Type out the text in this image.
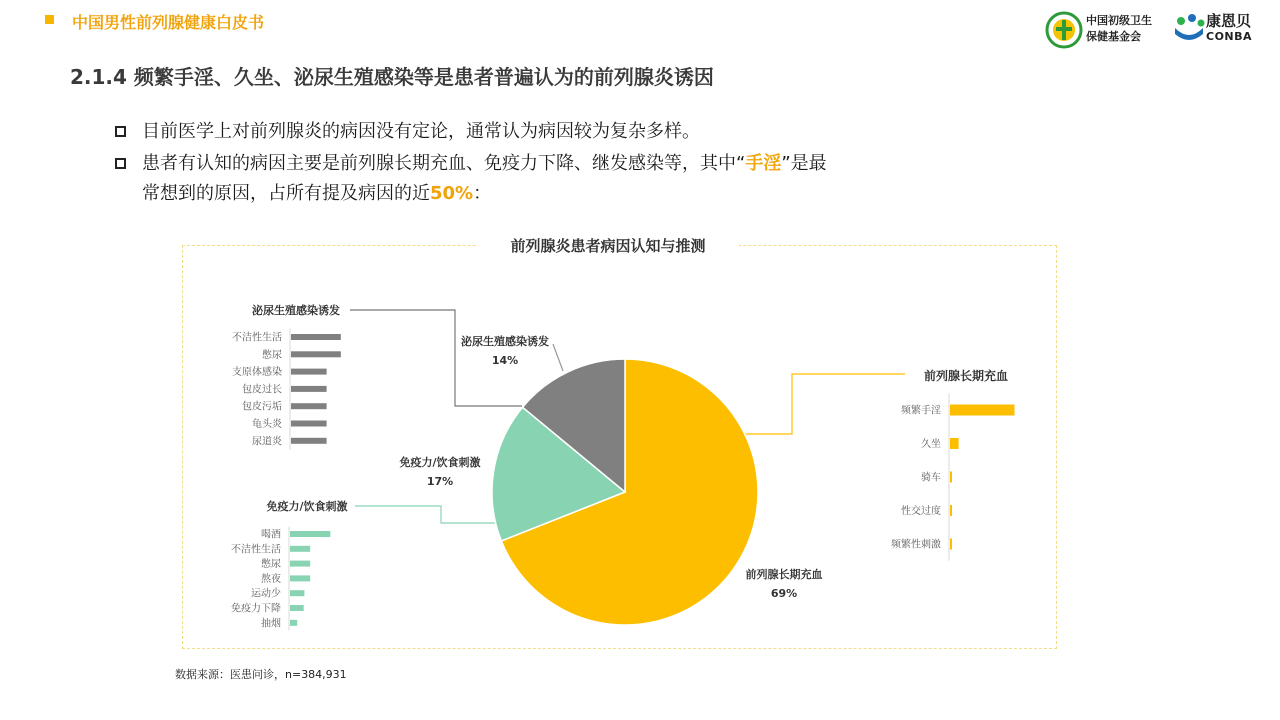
中国男性前列腺健康白皮书	中国初级卫生
保健基金会
康恩贝
CONBA
2.1.4 频繁手淫、久坐、泌尿生殖感染等是患者普遍认为的前列腺炎诱因
目前医学上对前列腺炎的病因没有定论，通常认为病因较为复杂多样。
患者有认知的病因主要是前列腺长期充血、免疫力下降、继发感染等，其中“手淫”是最
常想到的原因，占所有提及病因的近50%：
前列腺炎患者病因认知与推测
泌尿生殖感染诱发
14%
免疫力/饮食刺激
17%
前列腺长期充血
69%
前列腺长期充血
泌尿生殖感染诱发
免疫力/饮食刺激
频繁手淫
久坐
骑车
性交过度
频繁性刺激
不洁性生活
憋尿
支原体感染
包皮过长
包皮污垢
龟头炎
尿道炎
喝酒
不洁性生活
憋尿
熬夜
运动少
免疫力下降
抽烟
数据来源：医患问诊，n=384,931
